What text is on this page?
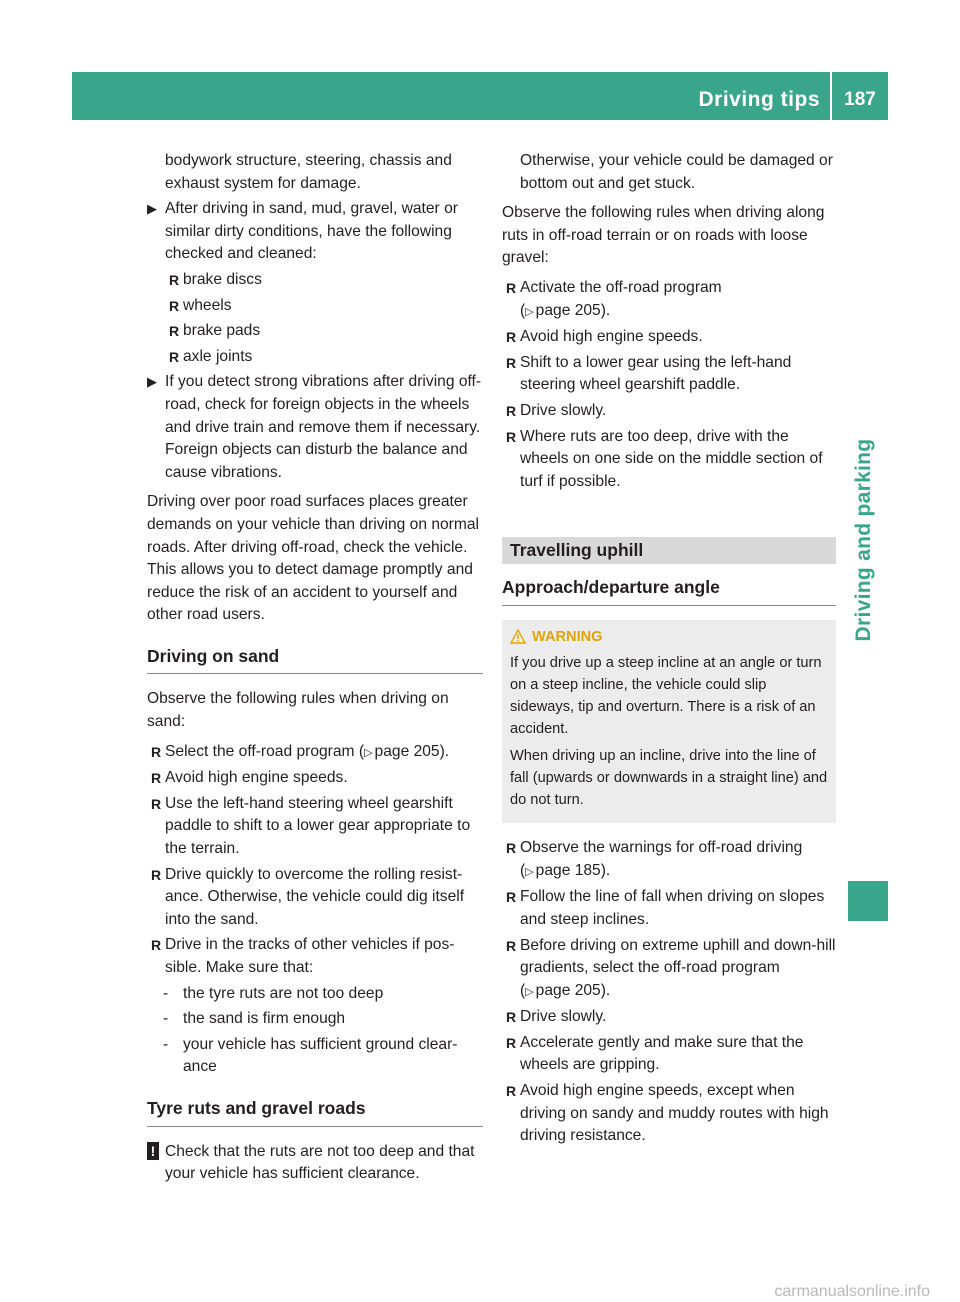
Driving tips	187
Driving and parking
bodywork structure, steering, chassis and
exhaust system for damage.
▶ After driving in sand, mud, gravel, water or similar dirty conditions, have the following checked and cleaned:
R brake discs
R wheels
R brake pads
R axle joints
▶ If you detect strong vibrations after driving off-road, check for foreign objects in the wheels and drive train and remove them if necessary. Foreign objects can disturb the balance and cause vibrations.

Driving over poor road surfaces places greater demands on your vehicle than driving on normal roads. After driving off-road, check the vehicle. This allows you to detect damage promptly and reduce the risk of an accident to yourself and other road users.

Driving on sand

Observe the following rules when driving on sand:

R Select the off-road program (▷ page 205).
R Avoid high engine speeds.
R Use the left-hand steering wheel gearshift paddle to shift to a lower gear appropriate to the terrain.
R Drive quickly to overcome the rolling resist-ance. Otherwise, the vehicle could dig itself into the sand.
R Drive in the tracks of other vehicles if pos-sible. Make sure that:
- the tyre ruts are not too deep
- the sand is firm enough
- your vehicle has sufficient ground clear-ance
Tyre ruts and gravel roads
! Check that the ruts are not too deep and that your vehicle has sufficient clearance.

Otherwise, your vehicle could be damaged or bottom out and get stuck.

Observe the following rules when driving along ruts in off-road terrain or on roads with loose gravel:

R Activate the off-road program
(▷ page 205).
R Avoid high engine speeds.
R Shift to a lower gear using the left-hand steering wheel gearshift paddle.
R Drive slowly.
R Where ruts are too deep, drive with the wheels on one side on the middle section of turf if possible.
Travelling uphill
Approach/departure angle
WARNING

If you drive up a steep incline at an angle or turn on a steep incline, the vehicle could slip sideways, tip and overturn. There is a risk of an accident.

When driving up an incline, drive into the line of fall (upwards or downwards in a straight line) and do not turn.

R Observe the warnings for off-road driving
(▷ page 185).
R Follow the line of fall when driving on slopes and steep inclines.
R Before driving on extreme uphill and down-hill gradients, select the off-road program
(▷ page 205).
R Drive slowly.
R Accelerate gently and make sure that the wheels are gripping.
R Avoid high engine speeds, except when driving on sandy and muddy routes with high driving resistance.
carmanualsonline.info
